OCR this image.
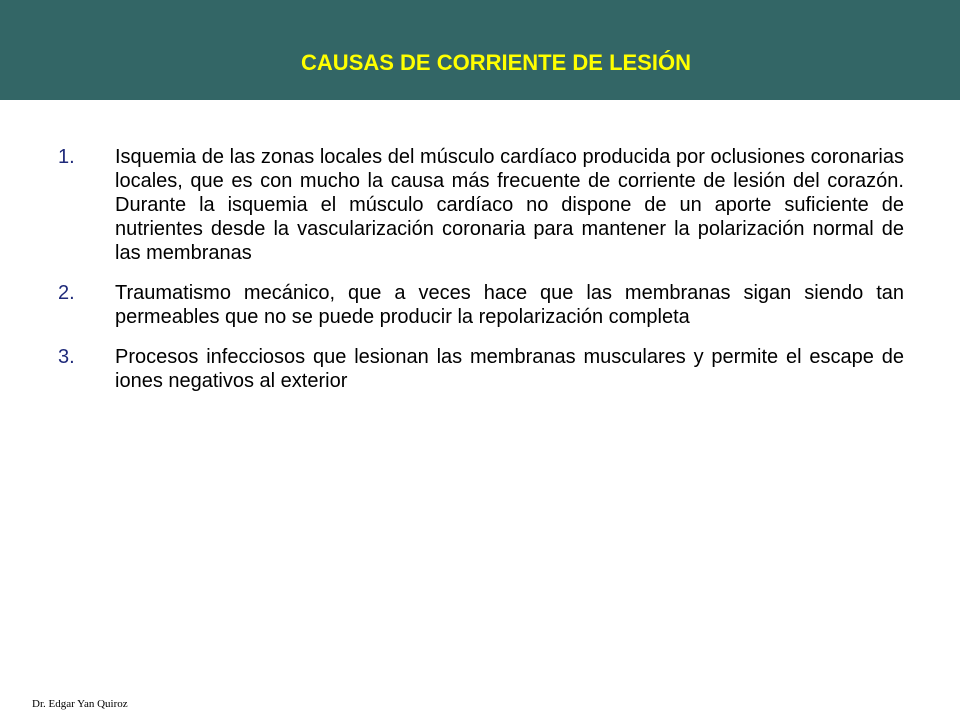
CAUSAS DE CORRIENTE DE LESIÓN
1.	Isquemia de las zonas locales del músculo cardíaco producida por oclusiones coronarias locales, que es con mucho la causa más frecuente de corriente de lesión del corazón. Durante la isquemia el músculo cardíaco no dispone de un aporte suficiente de nutrientes desde la vascularización coronaria para mantener la polarización normal de las membranas
2.	Traumatismo mecánico, que a veces hace que las membranas sigan siendo tan permeables que no se puede producir la repolarización completa
3.	Procesos infecciosos que lesionan las membranas musculares y permite el escape de iones negativos al exterior
Dr. Edgar Yan Quiroz
